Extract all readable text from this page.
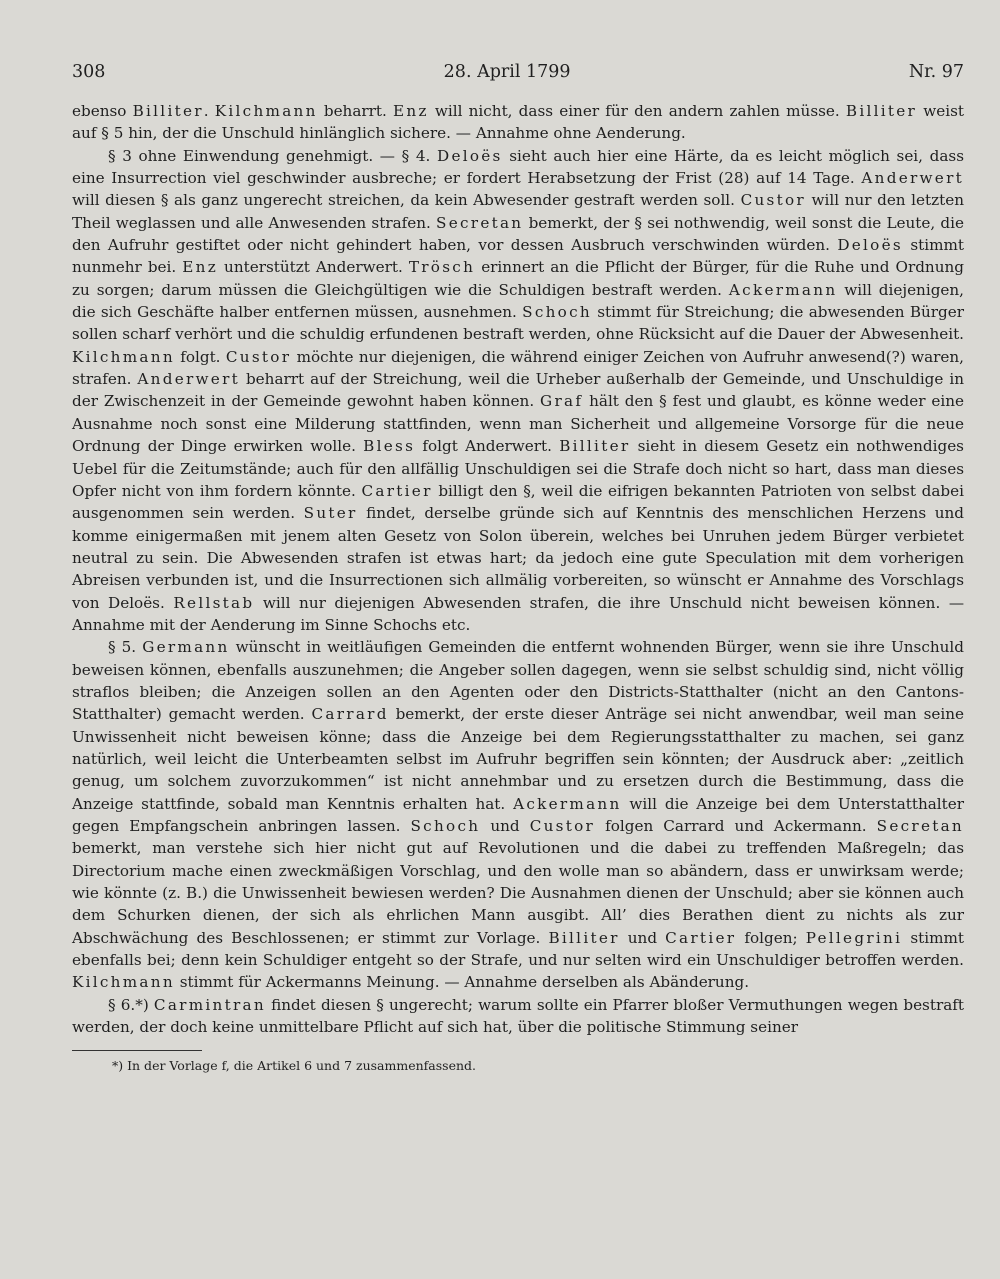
308	28. April 1799	Nr. 97

ebenso Billiter. Kilchmann beharrt. Enz will nicht, dass einer für den andern zahlen müsse. Billiter weist auf § 5 hin, der die Unschuld hinlänglich sichere. — Annahme ohne Aenderung.

§ 3 ohne Einwendung genehmigt. — § 4. Deloës sieht auch hier eine Härte, da es leicht möglich sei, dass eine Insurrection viel geschwinder ausbreche; er fordert Herabsetzung der Frist (28) auf 14 Tage. Anderwert will diesen § als ganz ungerecht streichen, da kein Abwesender gestraft werden soll. Custor will nur den letzten Theil weglassen und alle Anwesenden strafen. Secretan bemerkt, der § sei nothwendig, weil sonst die Leute, die den Aufruhr gestiftet oder nicht gehindert haben, vor dessen Ausbruch verschwinden würden. Deloës stimmt nunmehr bei. Enz unterstützt Anderwert. Trösch erinnert an die Pflicht der Bürger, für die Ruhe und Ordnung zu sorgen; darum müssen die Gleichgültigen wie die Schuldigen bestraft werden. Ackermann will diejenigen, die sich Geschäfte halber entfernen müssen, ausnehmen. Schoch stimmt für Streichung; die abwesenden Bürger sollen scharf verhört und die schuldig erfundenen bestraft werden, ohne Rücksicht auf die Dauer der Abwesenheit. Kilchmann folgt. Custor möchte nur diejenigen, die während einiger Zeichen von Aufruhr anwesend(?) waren, strafen. Anderwert beharrt auf der Streichung, weil die Urheber außerhalb der Gemeinde, und Unschuldige in der Zwischenzeit in der Gemeinde gewohnt haben können. Graf hält den § fest und glaubt, es könne weder eine Ausnahme noch sonst eine Milderung stattfinden, wenn man Sicherheit und allgemeine Vorsorge für die neue Ordnung der Dinge erwirken wolle. Bless folgt Anderwert. Billiter sieht in diesem Gesetz ein nothwendiges Uebel für die Zeitumstände; auch für den allfällig Unschuldigen sei die Strafe doch nicht so hart, dass man dieses Opfer nicht von ihm fordern könnte. Cartier billigt den §, weil die eifrigen bekannten Patrioten von selbst dabei ausgenommen sein werden. Suter findet, derselbe gründe sich auf Kenntnis des menschlichen Herzens und komme einigermaßen mit jenem alten Gesetz von Solon überein, welches bei Unruhen jedem Bürger verbietet neutral zu sein. Die Abwesenden strafen ist etwas hart; da jedoch eine gute Speculation mit dem vorherigen Abreisen verbunden ist, und die Insurrectionen sich allmälig vorbereiten, so wünscht er Annahme des Vorschlags von Deloës. Rellstab will nur diejenigen Abwesenden strafen, die ihre Unschuld nicht beweisen können. — Annahme mit der Aenderung im Sinne Schochs etc.

§ 5. Germann wünscht in weitläufigen Gemeinden die entfernt wohnenden Bürger, wenn sie ihre Unschuld beweisen können, ebenfalls auszunehmen; die Angeber sollen dagegen, wenn sie selbst schuldig sind, nicht völlig straflos bleiben; die Anzeigen sollen an den Agenten oder den Districts-Statthalter (nicht an den Cantons-Statthalter) gemacht werden. Carrard bemerkt, der erste dieser Anträge sei nicht anwendbar, weil man seine Unwissenheit nicht beweisen könne; dass die Anzeige bei dem Regierungsstatthalter zu machen, sei ganz natürlich, weil leicht die Unterbeamten selbst im Aufruhr begriffen sein könnten; der Ausdruck aber: „zeitlich genug, um solchem zuvorzukommen“ ist nicht annehmbar und zu ersetzen durch die Bestimmung, dass die Anzeige stattfinde, sobald man Kenntnis erhalten hat. Ackermann will die Anzeige bei dem Unterstatthalter gegen Empfangschein anbringen lassen. Schoch und Custor folgen Carrard und Ackermann. Secretan bemerkt, man verstehe sich hier nicht gut auf Revolutionen und die dabei zu treffenden Maßregeln; das Directorium mache einen zweckmäßigen Vorschlag, und den wolle man so abändern, dass er unwirksam werde; wie könnte (z. B.) die Unwissenheit bewiesen werden? Die Ausnahmen dienen der Unschuld; aber sie können auch dem Schurken dienen, der sich als ehrlichen Mann ausgibt. All’ dies Berathen dient zu nichts als zur Abschwächung des Beschlossenen; er stimmt zur Vorlage. Billiter und Cartier folgen; Pellegrini stimmt ebenfalls bei; denn kein Schuldiger entgeht so der Strafe, und nur selten wird ein Unschuldiger betroffen werden. Kilchmann stimmt für Ackermanns Meinung. — Annahme derselben als Abänderung.

§ 6.*) Carmintran findet diesen § ungerecht; warum sollte ein Pfarrer bloßer Vermuthungen wegen bestraft werden, der doch keine unmittelbare Pflicht auf sich hat, über die politische Stimmung seiner

*) In der Vorlage f, die Artikel 6 und 7 zusammenfassend.
